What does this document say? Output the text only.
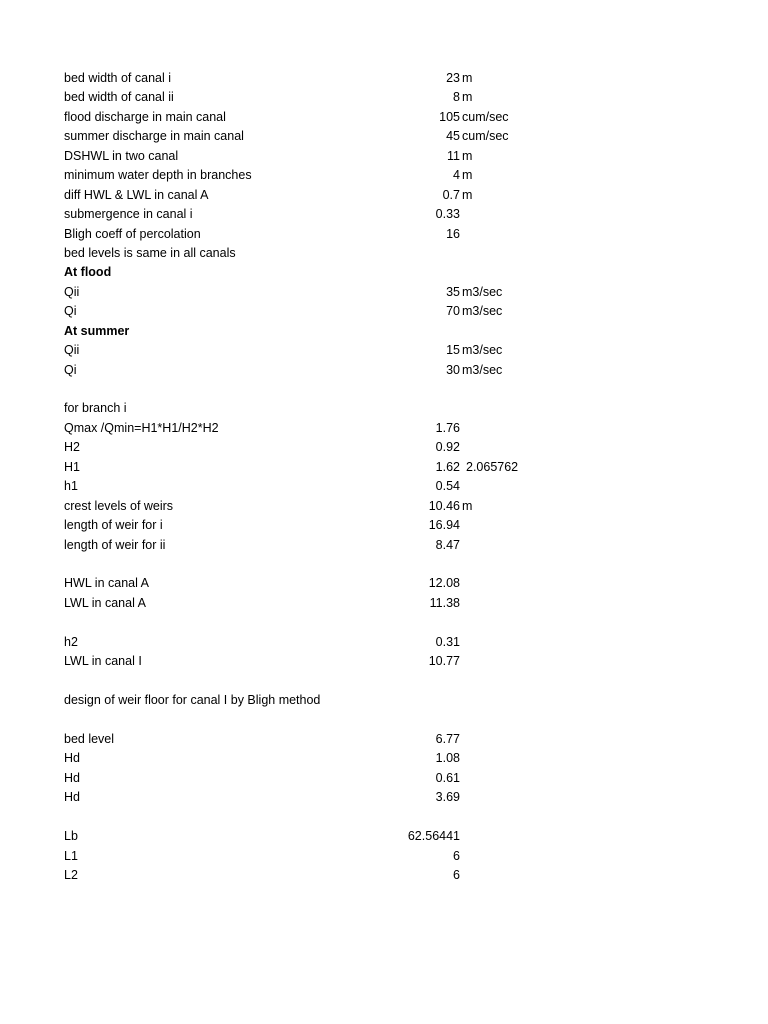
bed width of canal i	23 m
bed width of canal ii	8 m
flood discharge in main canal	105 cum/sec
summer discharge in main canal	45 cum/sec
DSHWL in two canal	11 m
minimum water depth in branches	4 m
diff HWL & LWL in canal A	0.7 m
submergence in canal i	0.33
Bligh coeff of percolation	16
bed levels is same in all canals
At flood
Qii	35 m3/sec
Qi	70 m3/sec
At summer
Qii	15 m3/sec
Qi	30 m3/sec
for branch i
Qmax /Qmin=H1*H1/H2*H2	1.76
H2	0.92
H1	1.62 2.065762
h1	0.54
crest levels of weirs	10.46 m
length of weir for i	16.94
length of weir for ii	8.47
HWL in canal A	12.08
LWL in canal A	11.38
h2	0.31
LWL in canal I	10.77
design of weir floor for canal I by Bligh method
bed level	6.77
Hd	1.08
Hd	0.61
Hd	3.69
Lb	62.56441
L1	6
L2	6
